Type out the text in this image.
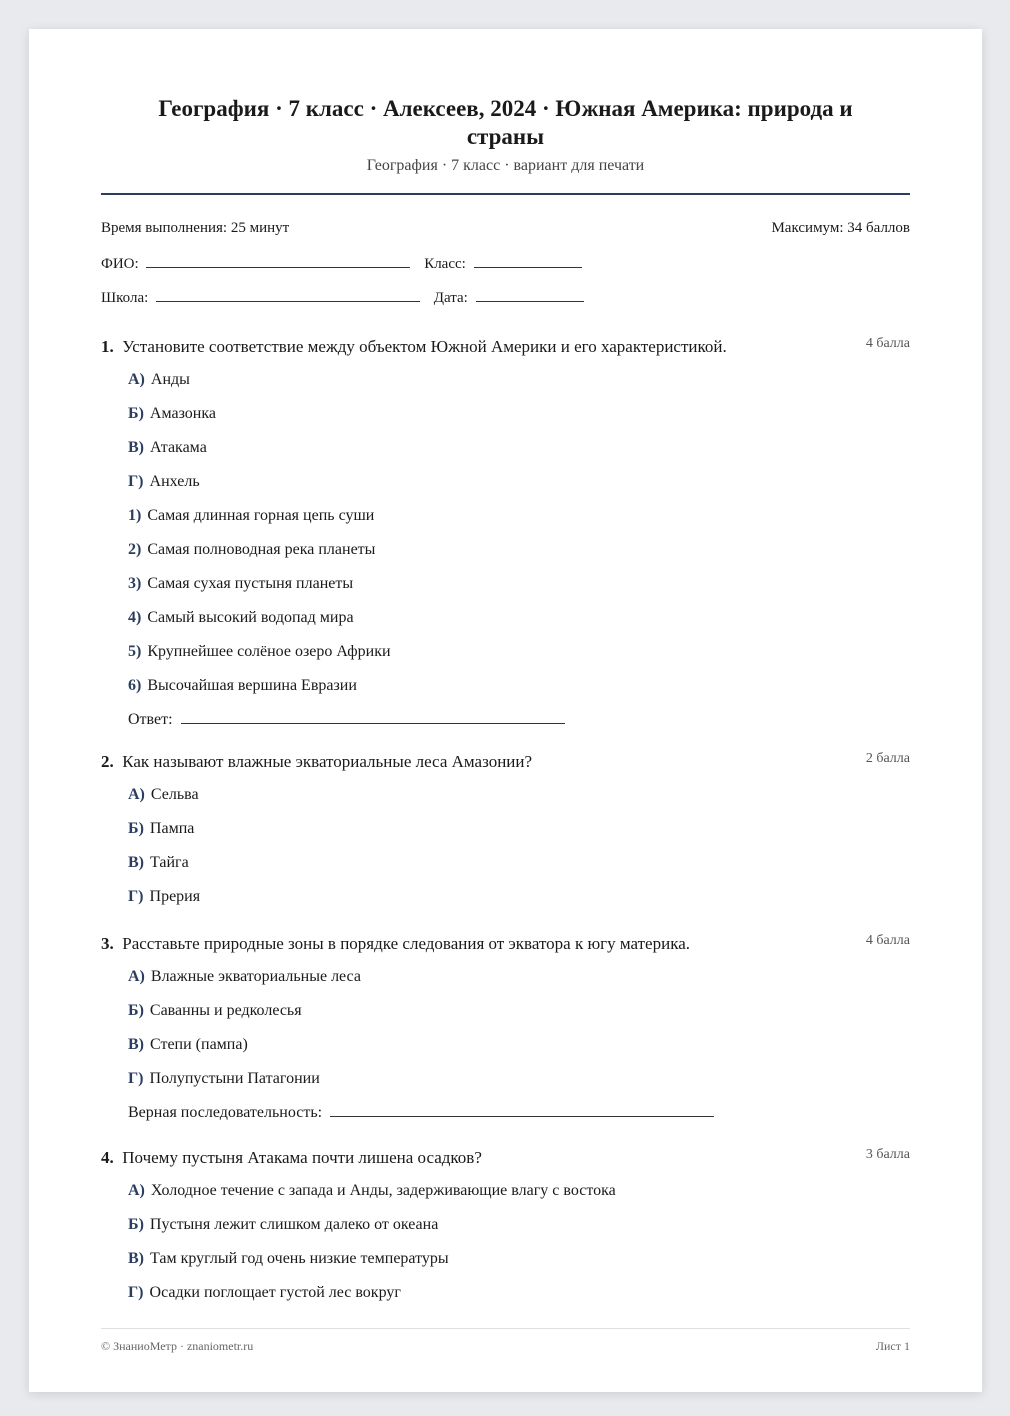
География · 7 класс · Алексеев, 2024 · Южная Америка: природа и
страны
География · 7 класс · вариант для печати
Время выполнения: 25 минут	Максимум: 34 баллов
ФИО:	Класс:
Школа:	Дата:
1. Установите соответствие между объектом Южной Америки и его характеристикой.	4 балла
А) Анды
Б) Амазонка
В) Атакама
Г) Анхель
1) Самая длинная горная цепь суши
2) Самая полноводная река планеты
3) Самая сухая пустыня планеты
4) Самый высокий водопад мира
5) Крупнейшее солёное озеро Африки
6) Высочайшая вершина Евразии
Ответ:
2. Как называют влажные экваториальные леса Амазонии?	2 балла
А) Сельва
Б) Пампа
В) Тайга
Г) Прерия
3. Расставьте природные зоны в порядке следования от экватора к югу материка.	4 балла
А) Влажные экваториальные леса
Б) Саванны и редколесья
В) Степи (пампа)
Г) Полупустыни Патагонии
Верная последовательность:
4. Почему пустыня Атакама почти лишена осадков?	3 балла
А) Холодное течение с запада и Анды, задерживающие влагу с востока
Б) Пустыня лежит слишком далеко от океана
В) Там круглый год очень низкие температуры
Г) Осадки поглощает густой лес вокруг
© ЗнаниоМетр · znaniometr.ru	Лист 1
